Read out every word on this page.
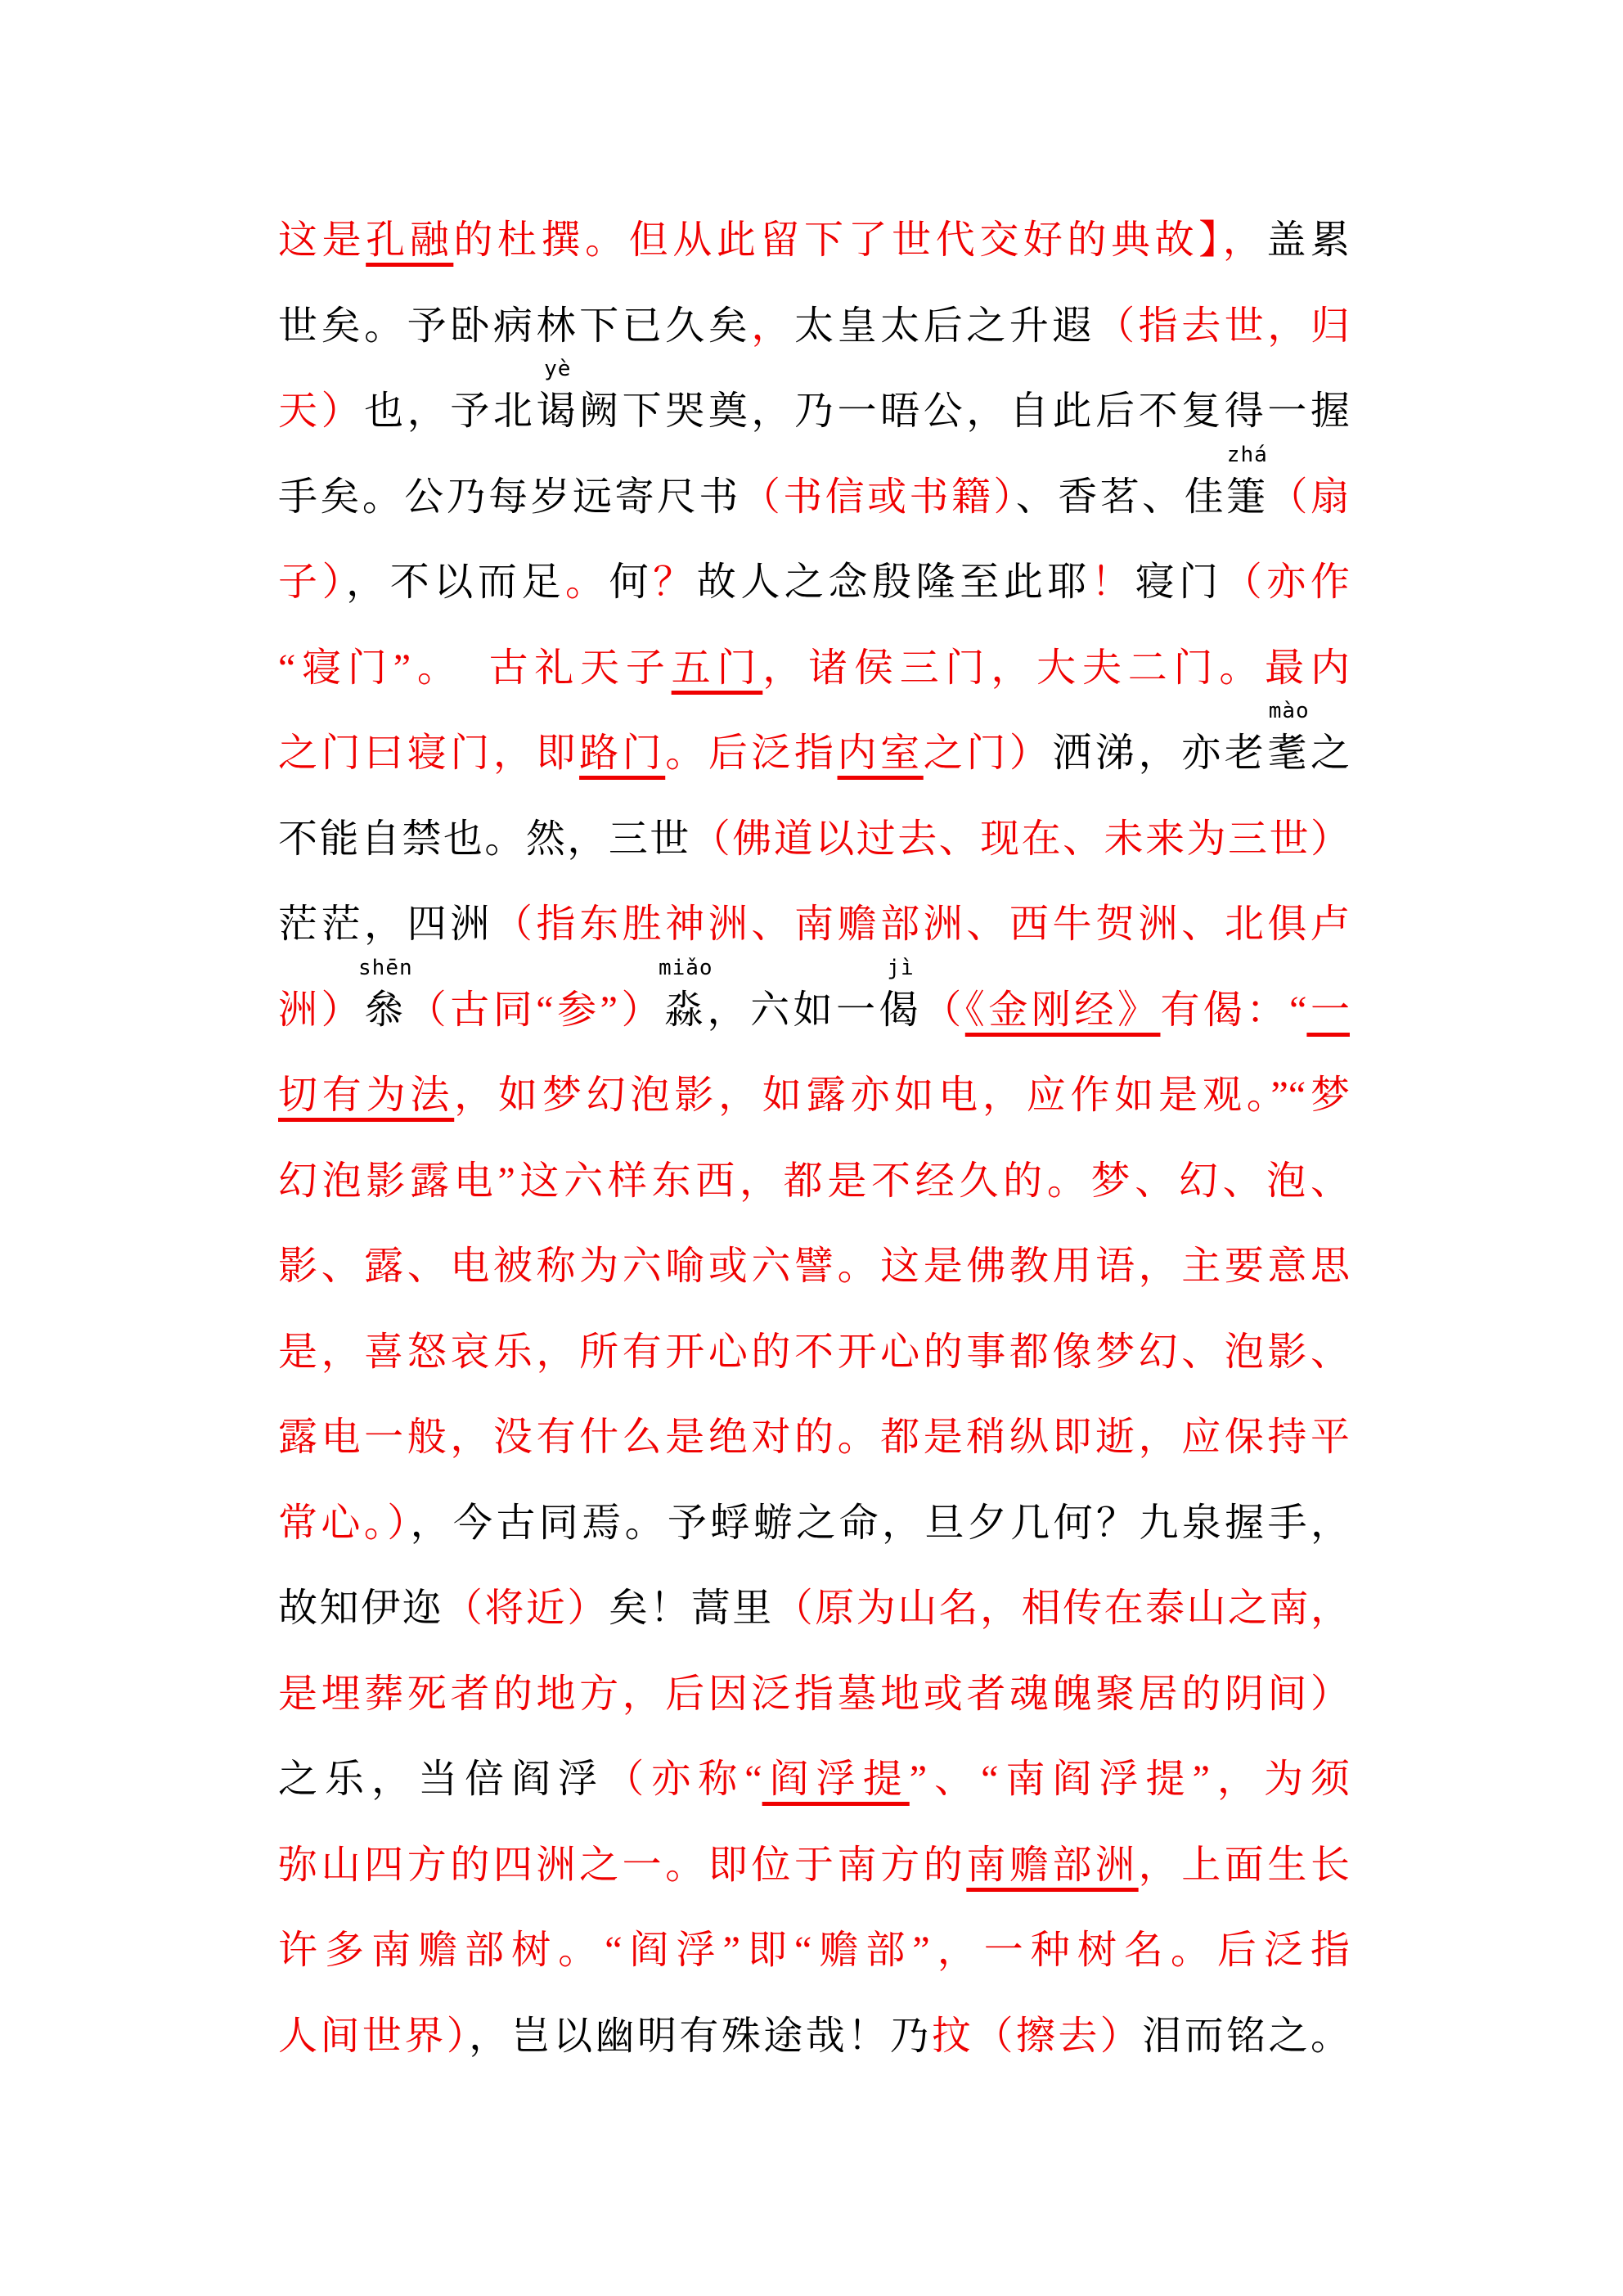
这是孔融的杜撰。但从此留下了世代交好的典故】，盖累
世矣。予卧病林下已久矣，太皇太后之升遐（指去世，归
天）也，予北
yè
谒阙下哭奠，乃一晤公，自此后不复得一握
手矣。公乃每岁远寄尺书（书信或书籍）、香茗、佳
zhá
箑（扇
子），不以而足。何？故人之念殷隆至此耶！寝门（亦作
“寝门”。　古礼天子五门，诸侯三门，大夫二门。最内
之门曰寝门，即路门。后泛指内室之门）洒涕，亦老
mào
耄之
不能自禁也。然，三世（佛道以过去、现在、未来为三世）
茫茫，四洲（指东胜神洲、南赡部洲、西牛贺洲、北俱卢
洲）
shēn
叅（古同“参”）
miǎo
淼，六如一
jì
偈（《金刚经》有偈：“一
切有为法，如梦幻泡影，如露亦如电，应作如是观。”“梦
幻泡影露电”这六样东西，都是不经久的。梦、幻、泡、
影、露、电被称为六喻或六譬。这是佛教用语，主要意思
是，喜怒哀乐，所有开心的不开心的事都像梦幻、泡影、
露电一般，没有什么是绝对的。都是稍纵即逝，应保持平
常心。），今古同焉。予蜉蝣之命，旦夕几何？九泉握手，
故知伊迩（将近）矣！蒿里（原为山名，相传在泰山之南，
是埋葬死者的地方，后因泛指墓地或者魂魄聚居的阴间）
之乐，当倍阎浮（亦称“阎浮提”、“南阎浮提”，为须
弥山四方的四洲之一。即位于南方的南赡部洲，上面生长
许多南赡部树。“阎浮”即“赡部”，一种树名。后泛指
人间世界），岂以幽明有殊途哉！乃抆（擦去）泪而铭之。
